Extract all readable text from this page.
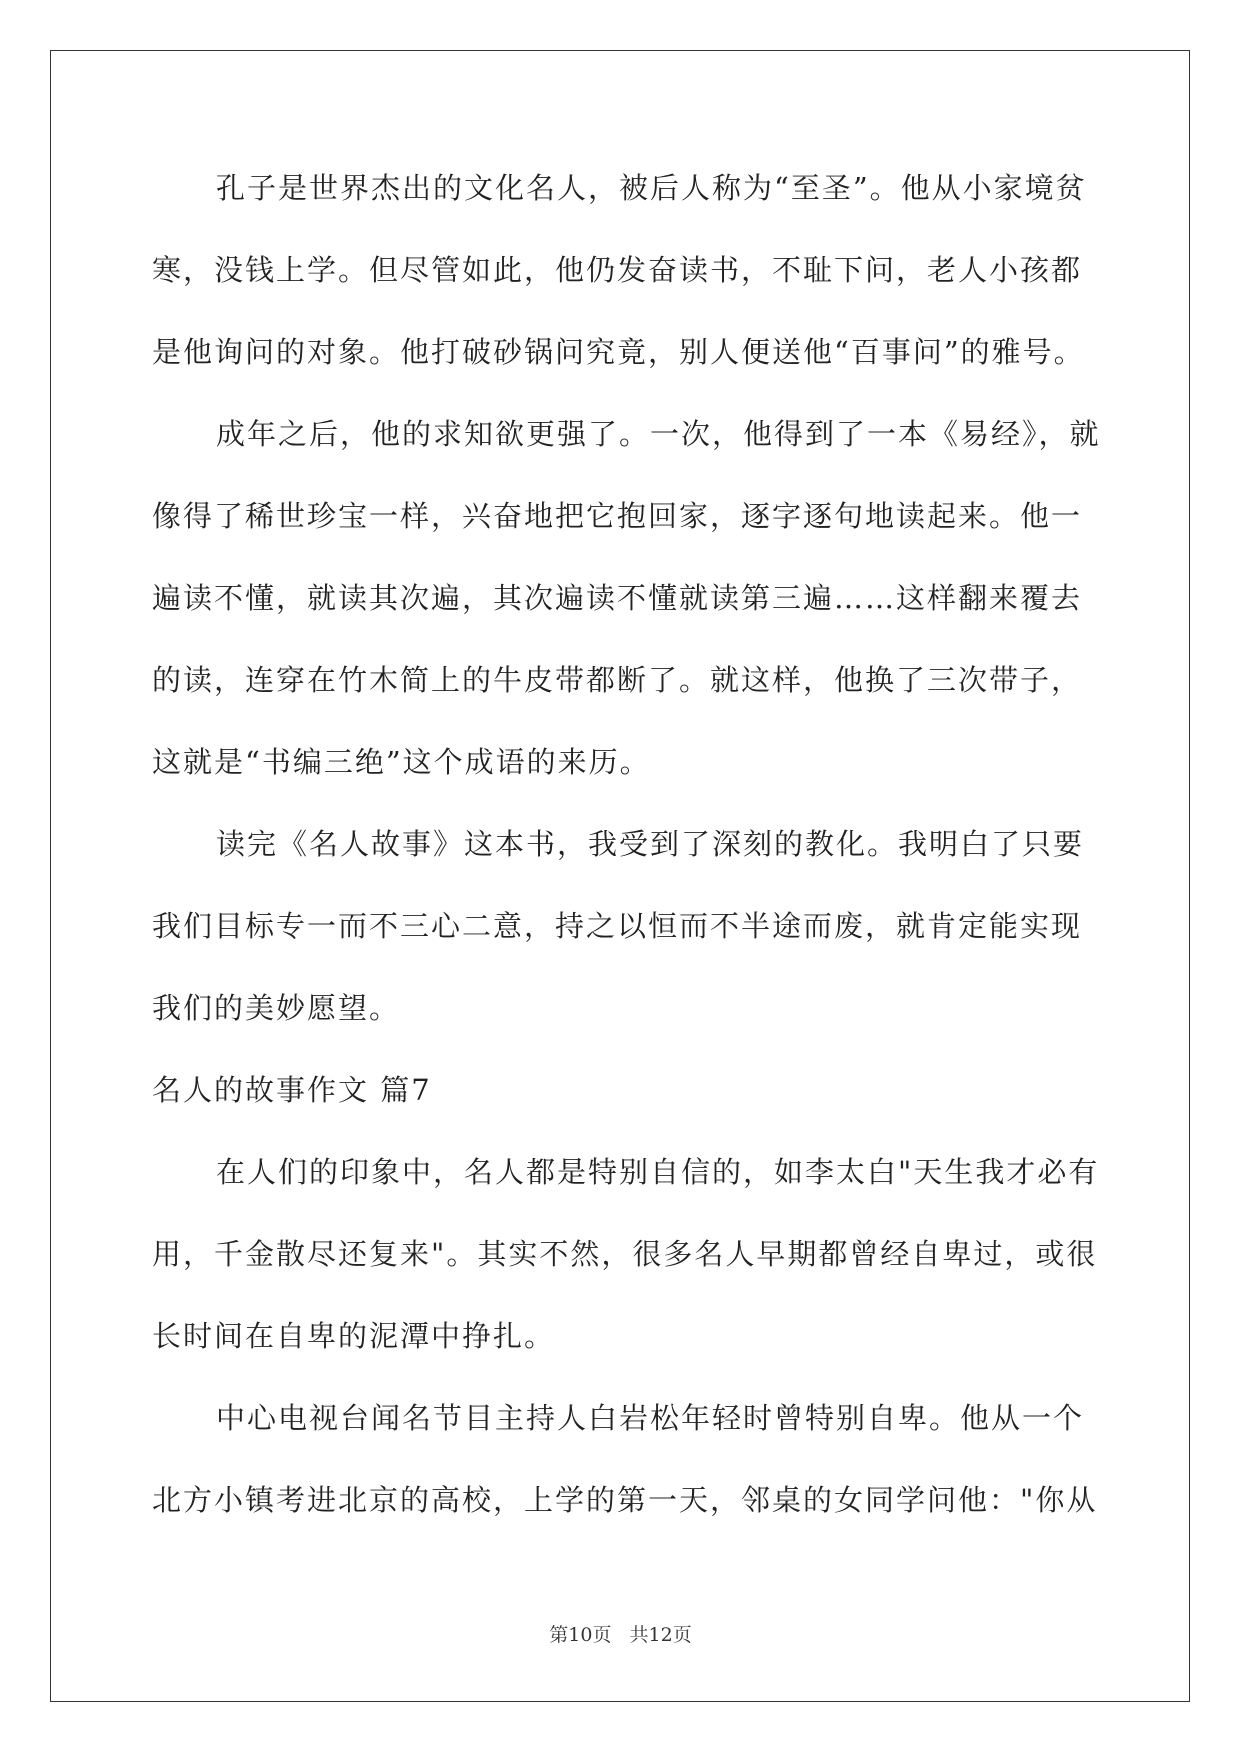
孔子是世界杰出的文化名人，被后人称为“至圣”。他从小家境贫
寒，没钱上学。但尽管如此，他仍发奋读书，不耻下问，老人小孩都
是他询问的对象。他打破砂锅问究竟，别人便送他“百事问”的雅号。
成年之后，他的求知欲更强了。一次，他得到了一本《易经》，就
像得了稀世珍宝一样，兴奋地把它抱回家，逐字逐句地读起来。他一
遍读不懂，就读其次遍，其次遍读不懂就读第三遍……这样翻来覆去
的读，连穿在竹木简上的牛皮带都断了。就这样，他换了三次带子，
这就是“书编三绝”这个成语的来历。
读完《名人故事》这本书，我受到了深刻的教化。我明白了只要
我们目标专一而不三心二意，持之以恒而不半途而废，就肯定能实现
我们的美妙愿望。
名人的故事作文 篇7
在人们的印象中，名人都是特别自信的，如李太白"天生我才必有
用，千金散尽还复来"。其实不然，很多名人早期都曾经自卑过，或很
长时间在自卑的泥潭中挣扎。
中心电视台闻名节目主持人白岩松年轻时曾特别自卑。他从一个
北方小镇考进北京的高校，上学的第一天，邻桌的女同学问他："你从
第10页 共12页
